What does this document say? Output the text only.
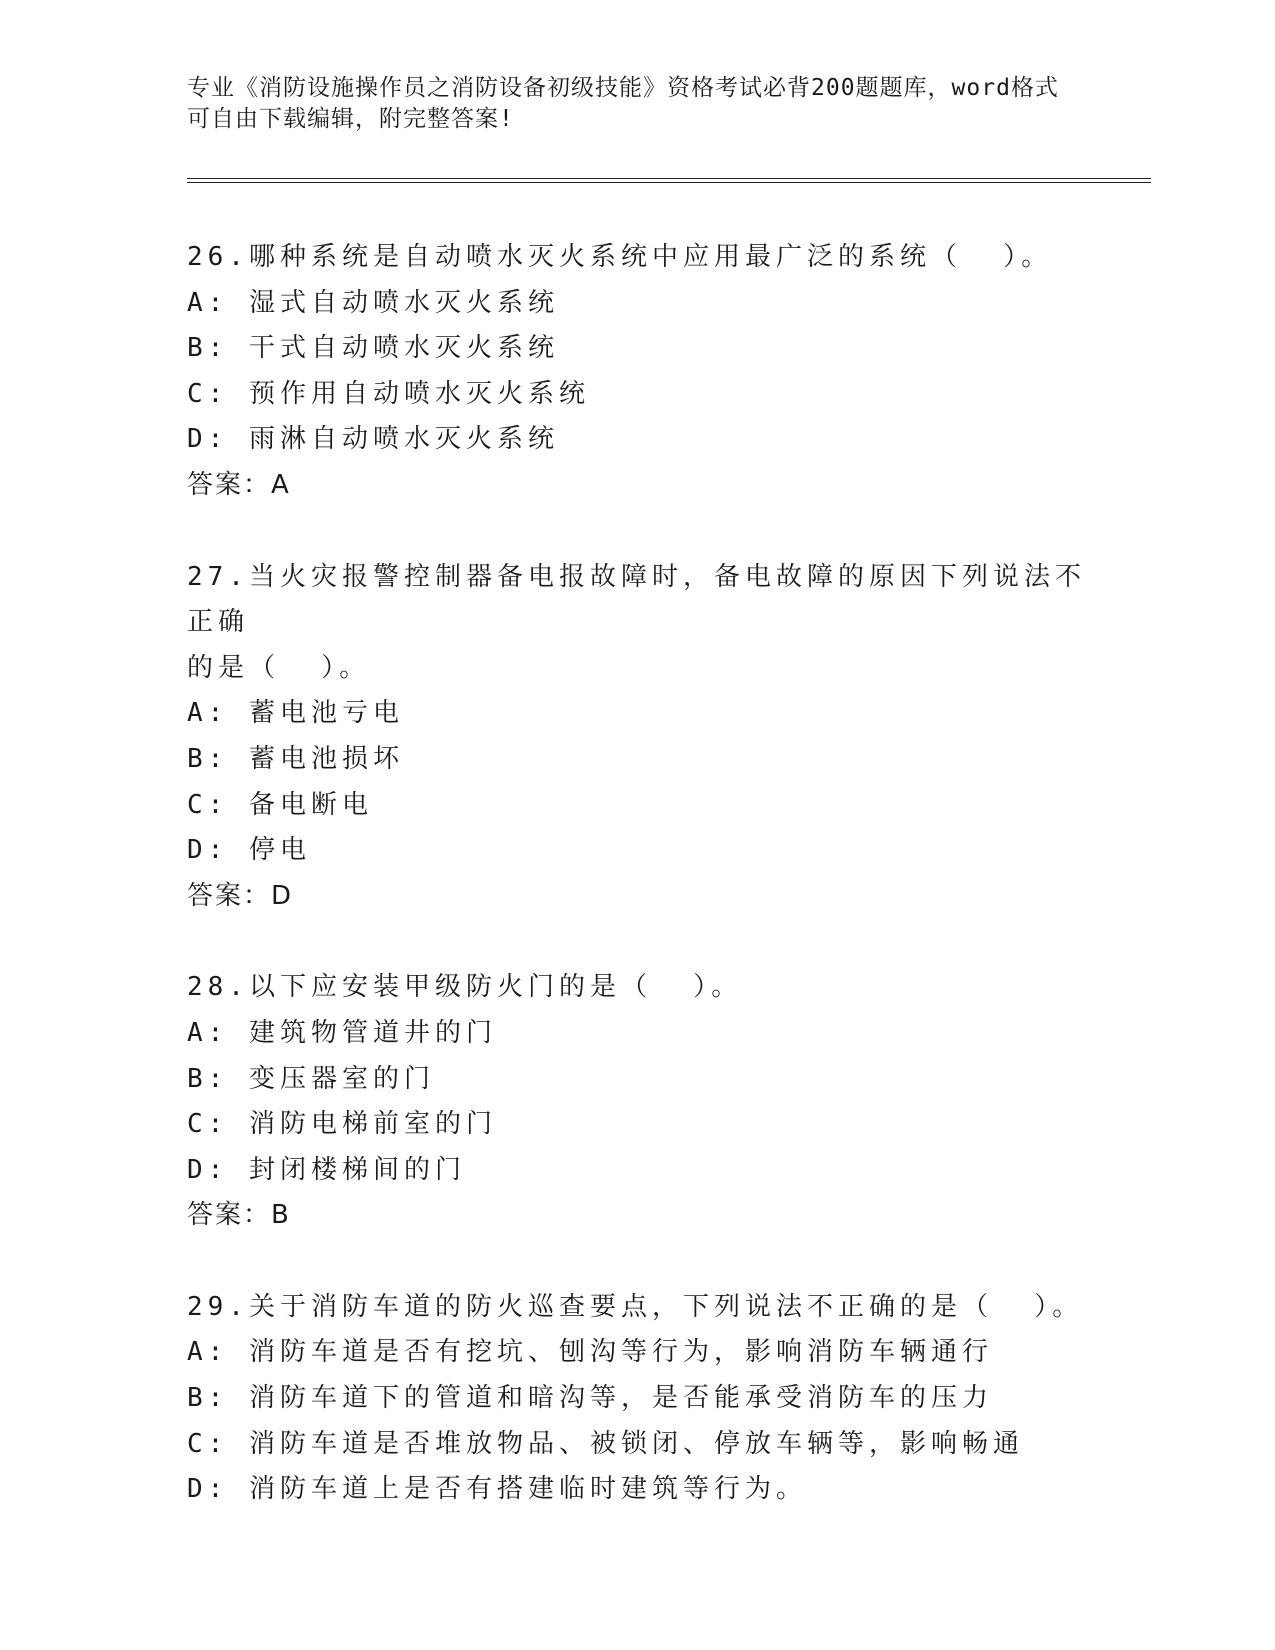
专业《消防设施操作员之消防设备初级技能》资格考试必背200题题库，word格式可自由下载编辑，附完整答案!

26.哪种系统是自动喷水灭火系统中应用最广泛的系统（  ）。

A: 湿式自动喷水灭火系统

B: 干式自动喷水灭火系统

C: 预作用自动喷水灭火系统

D: 雨淋自动喷水灭火系统

答案：A

27.当火灾报警控制器备电报故障时，备电故障的原因下列说法不正确

的是（  ）。

A: 蓄电池亏电

B: 蓄电池损坏

C: 备电断电

D: 停电

答案：D

28.以下应安装甲级防火门的是（  ）。

A: 建筑物管道井的门

B: 变压器室的门

C: 消防电梯前室的门

D: 封闭楼梯间的门

答案：B

29.关于消防车道的防火巡查要点，下列说法不正确的是（  ）。

A: 消防车道是否有挖坑、刨沟等行为，影响消防车辆通行

B: 消防车道下的管道和暗沟等，是否能承受消防车的压力

C: 消防车道是否堆放物品、被锁闭、停放车辆等，影响畅通

D: 消防车道上是否有搭建临时建筑等行为。
